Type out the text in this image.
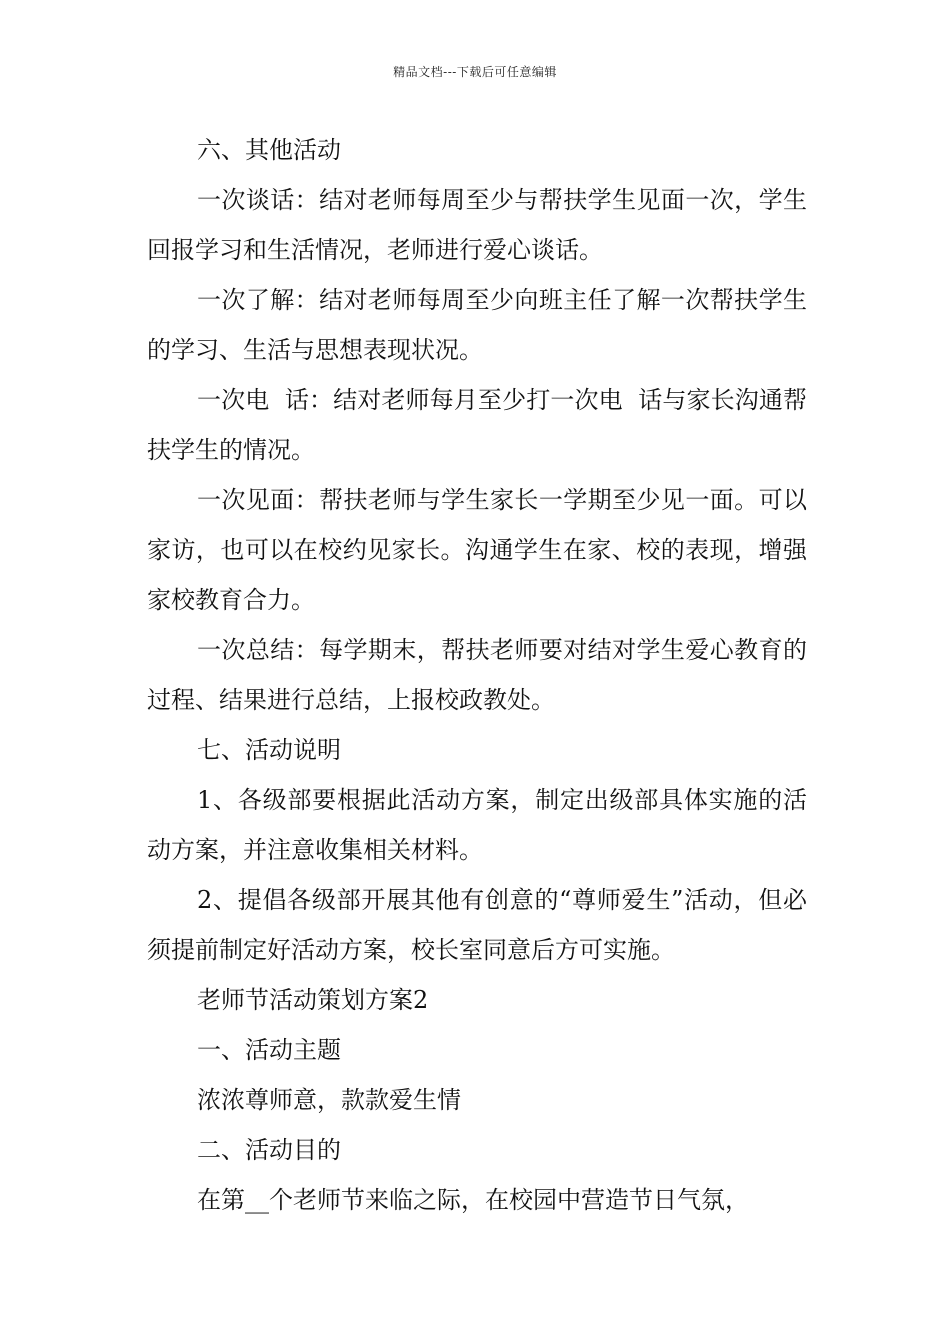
精品文档---下载后可任意编辑

六、其他活动

一次谈话：结对老师每周至少与帮扶学生见面一次，学生回报学习和生活情况，老师进行爱心谈话。

一次了解：结对老师每周至少向班主任了解一次帮扶学生的学习、生活与思想表现状况。

一次电  话：结对老师每月至少打一次电  话与家长沟通帮扶学生的情况。

一次见面：帮扶老师与学生家长一学期至少见一面。可以家访，也可以在校约见家长。沟通学生在家、校的表现，增强家校教育合力。

一次总结：每学期末，帮扶老师要对结对学生爱心教育的过程、结果进行总结，上报校政教处。

七、活动说明

1、各级部要根据此活动方案，制定出级部具体实施的活动方案，并注意收集相关材料。

2、提倡各级部开展其他有创意的“尊师爱生”活动，但必须提前制定好活动方案，校长室同意后方可实施。

老师节活动策划方案2

一、活动主题

浓浓尊师意，款款爱生情

二、活动目的

在第__个老师节来临之际，在校园中营造节日气氛，
